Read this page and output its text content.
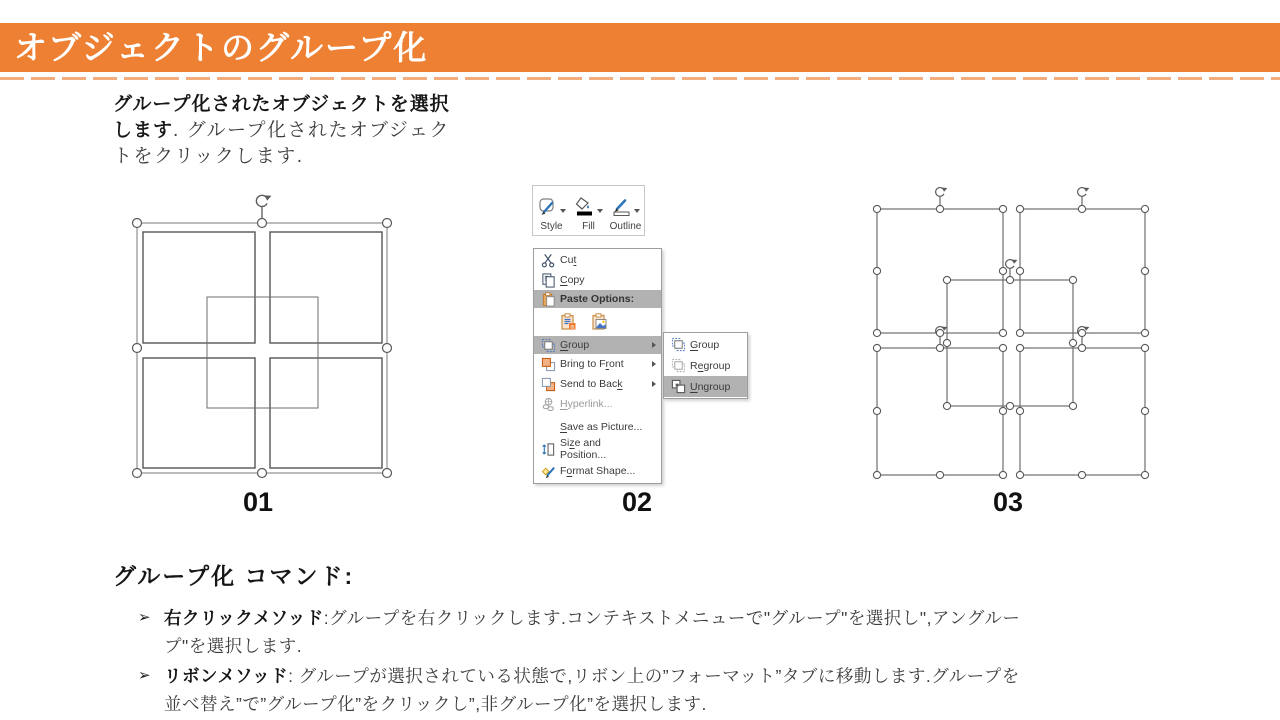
オブジェクトのグループ化
グループ化されたオブジェクトを選択します. グループ化されたオブジェクトをクリックします.
01
Style Fill Outline
Cut
Copy
Paste Options:
a
Group
Bring to Front
Send to Back
Hyperlink...
Save as Picture...
Size and Position...
Format Shape...
Group
Regroup
Ungroup
02	03
グループ化 コマンド:
➢ 右クリックメソッド:グループを右クリックします.コンテキストメニューで"グループ"を選択し",アングループ"を選択します.
➢ リボンメソッド: グループが選択されている状態で,リボン上の”フォーマット”タブに移動します.グループを並べ替え”で”グループ化”をクリックし”,非グループ化”を選択します.
